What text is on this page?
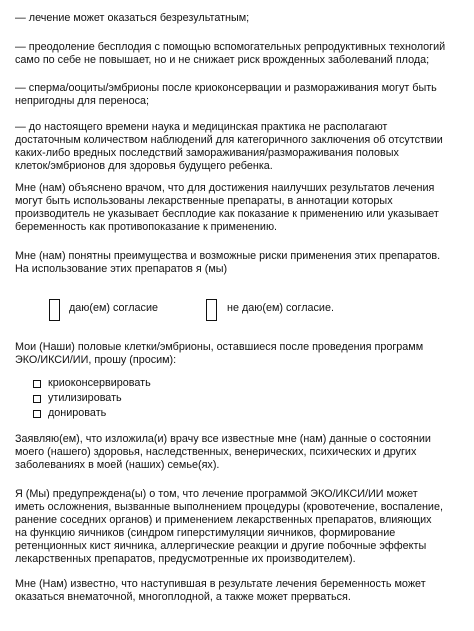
— лечение может оказаться безрезультатным;

— преодоление бесплодия с помощью вспомогательных репродуктивных технологий
само по себе не повышает, но и не снижает риск врожденных заболеваний плода;

— сперма/ооциты/эмбрионы после криоконсервации и размораживания могут быть
непригодны для переноса;

— до настоящего времени наука и медицинская практика не располагают
достаточным количеством наблюдений для категоричного заключения об отсутствии
каких-либо вредных последствий замораживания/размораживания половых
клеток/эмбрионов для здоровья будущего ребенка.

Мне (нам) объяснено врачом, что для достижения наилучших результатов лечения
могут быть использованы лекарственные препараты, в аннотации которых
производитель не указывает бесплодие как показание к применению или указывает
беременность как противопоказание к применению.

Мне (нам) понятны преимущества и возможные риски применения этих препаратов.
На использование этих препаратов я (мы)

даю(ем) согласие	не даю(ем) согласие.

Мои (Наши) половые клетки/эмбрионы, оставшиеся после проведения программ
ЭКО/ИКСИ/ИИ, прошу (просим):

криоконсервировать
утилизировать
донировать

Заявляю(ем), что изложила(и) врачу все известные мне (нам) данные о состоянии
моего (нашего) здоровья, наследственных, венерических, психических и других
заболеваниях в моей (наших) семье(ях).

Я (Мы) предупреждена(ы) о том, что лечение программой ЭКО/ИКСИ/ИИ может
иметь осложнения, вызванные выполнением процедуры (кровотечение, воспаление,
ранение соседних органов) и применением лекарственных препаратов, влияющих
на функцию яичников (синдром гиперстимуляции яичников, формирование
ретенционных кист яичника, аллергические реакции и другие побочные эффекты
лекарственных препаратов, предусмотренные их производителем).

Мне (Нам) известно, что наступившая в результате лечения беременность может
оказаться внематочной, многоплодной, а также может прерваться.
